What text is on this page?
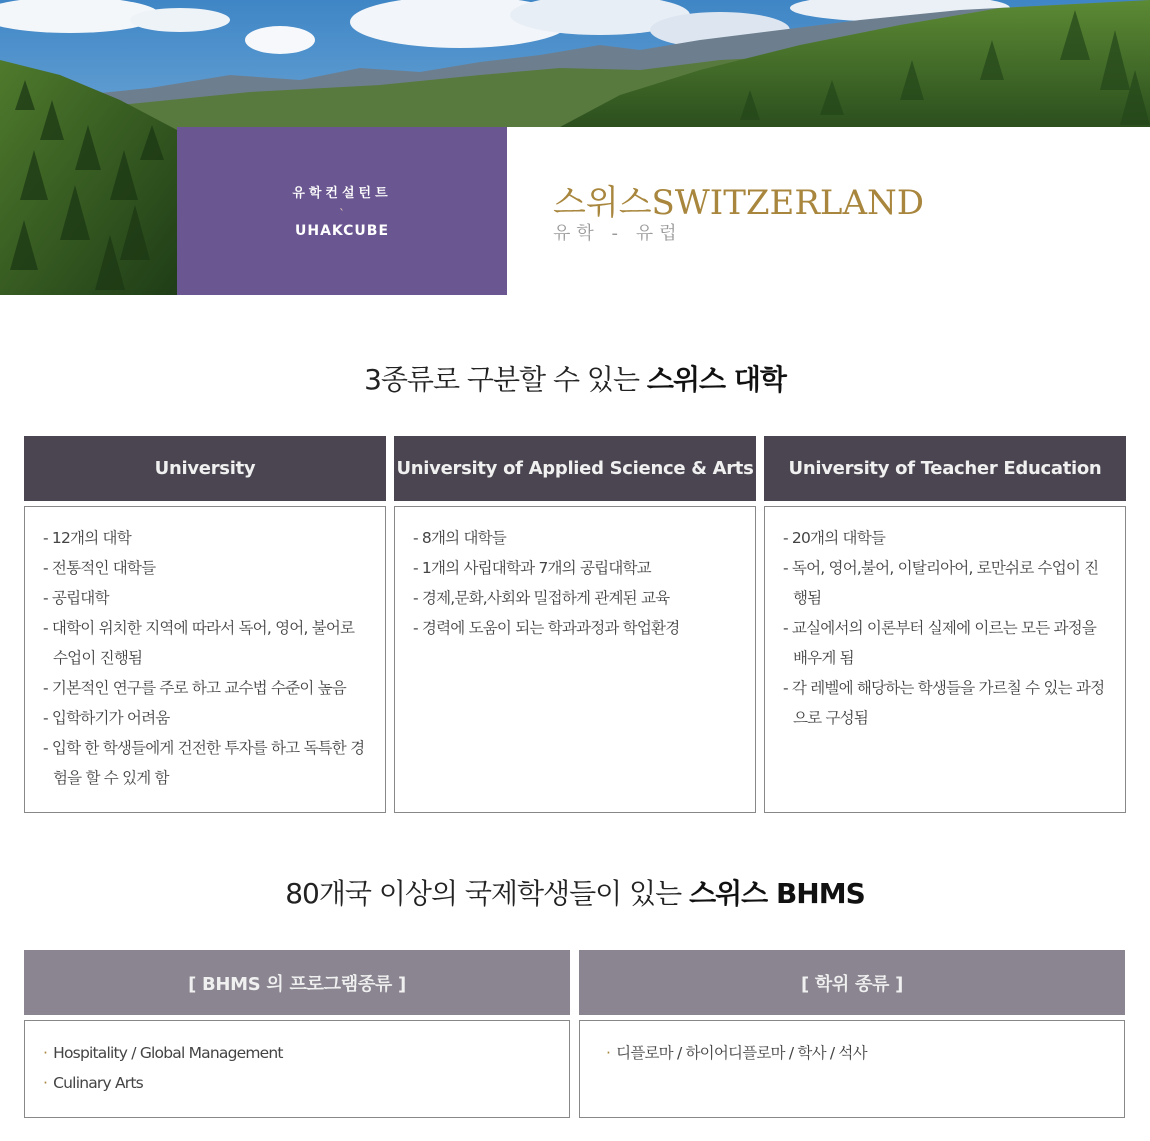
유학컨설턴트
ˋ
UHAKCUBE
스위스SWITZERLAND
유학 - 유럽
3종류로 구분할 수 있는 스위스 대학
University
- 12개의 대학
- 전통적인 대학들
- 공립대학
- 대학이 위치한 지역에 따라서 독어, 영어, 불어로 수업이 진행됨
- 기본적인 연구를 주로 하고 교수법 수준이 높음
- 입학하기가 어려움
- 입학 한 학생들에게 건전한 투자를 하고 독특한 경험을 할 수 있게 함
University of Applied Science & Arts
- 8개의 대학들
- 1개의 사립대학과 7개의 공립대학교
- 경제,문화,사회와 밀접하게 관계된 교육
- 경력에 도움이 되는 학과과정과 학업환경
University of Teacher Education
- 20개의 대학들
- 독어, 영어,불어, 이탈리아어, 로만쉬로 수업이 진행됨
- 교실에서의 이론부터 실제에 이르는 모든 과정을 배우게 됨
- 각 레벨에 해당하는 학생들을 가르칠 수 있는 과정으로 구성됨
80개국 이상의 국제학생들이 있는 스위스 BHMS
[ BHMS 의 프로그램종류 ]
· Hospitality / Global Management
· Culinary Arts
[ 학위 종류 ]
· 디플로마 / 하이어디플로마 / 학사 / 석사
